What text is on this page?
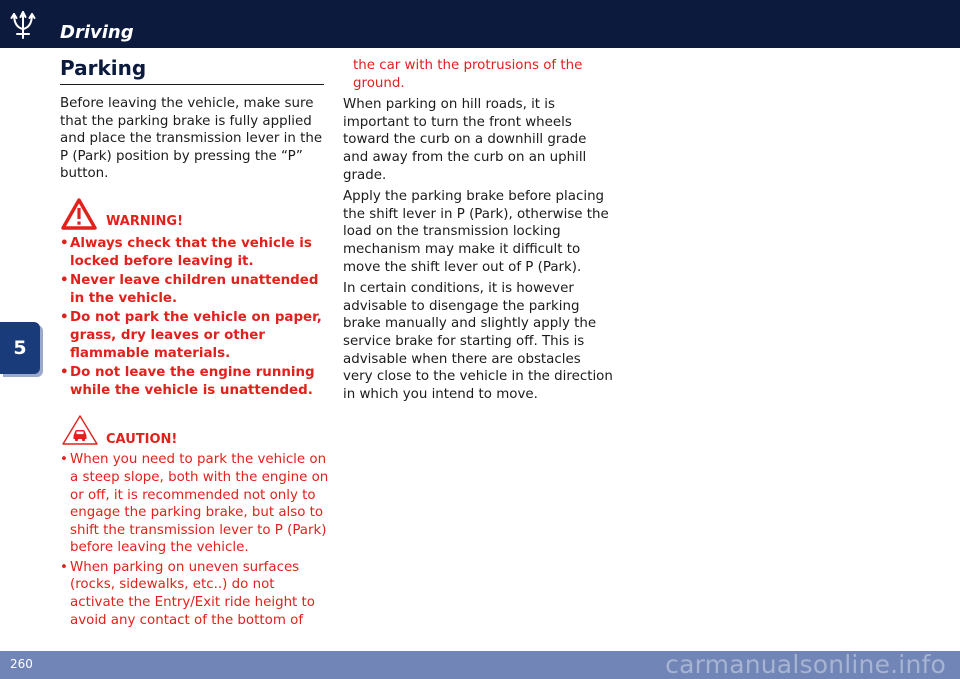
Driving
5
Parking
Before leaving the vehicle, make sure that the parking brake is fully applied and place the transmission lever in the P (Park) position by pressing the “P” button.
WARNING!
• Always check that the vehicle is locked before leaving it.
• Never leave children unattended in the vehicle.
• Do not park the vehicle on paper, grass, dry leaves or other flammable materials.
• Do not leave the engine running while the vehicle is unattended.
CAUTION!
• When you need to park the vehicle on a steep slope, both with the engine on or off, it is recommended not only to engage the parking brake, but also to shift the transmission lever to P (Park) before leaving the vehicle.
• When parking on uneven surfaces (rocks, sidewalks, etc..) do not activate the Entry/Exit ride height to avoid any contact of the bottom of
the car with the protrusions of the ground.

When parking on hill roads, it is important to turn the front wheels toward the curb on a downhill grade and away from the curb on an uphill grade.

Apply the parking brake before placing the shift lever in P (Park), otherwise the load on the transmission locking mechanism may make it difficult to move the shift lever out of P (Park).

In certain conditions, it is however advisable to disengage the parking brake manually and slightly apply the service brake for starting off. This is advisable when there are obstacles very close to the vehicle in the direction in which you intend to move.

260	carmanualsonline.info
